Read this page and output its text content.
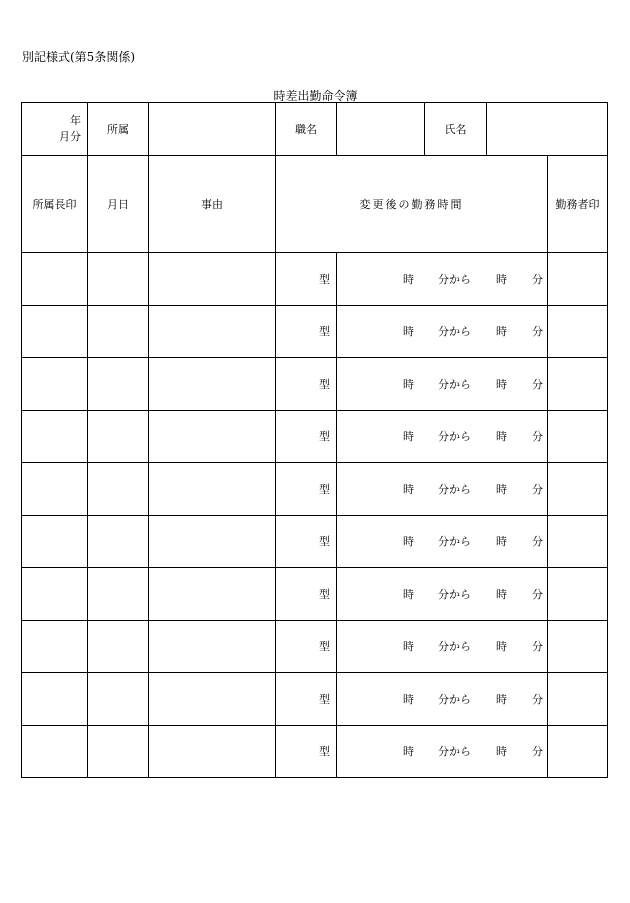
別記様式(第5条関係)
時差出勤命令簿
年
月分	所属		職名		氏名		
所属長印	月日	事由	変更後の勤務時間				勤務者印
			型	時 分から 時 分			

			型	時 分から 時 分			

			型	時 分から 時 分			

			型	時 分から 時 分			

			型	時 分から 時 分			

			型	時 分から 時 分			

			型	時 分から 時 分			

			型	時 分から 時 分			

			型	時 分から 時 分			

			型	時 分から 時 分			
